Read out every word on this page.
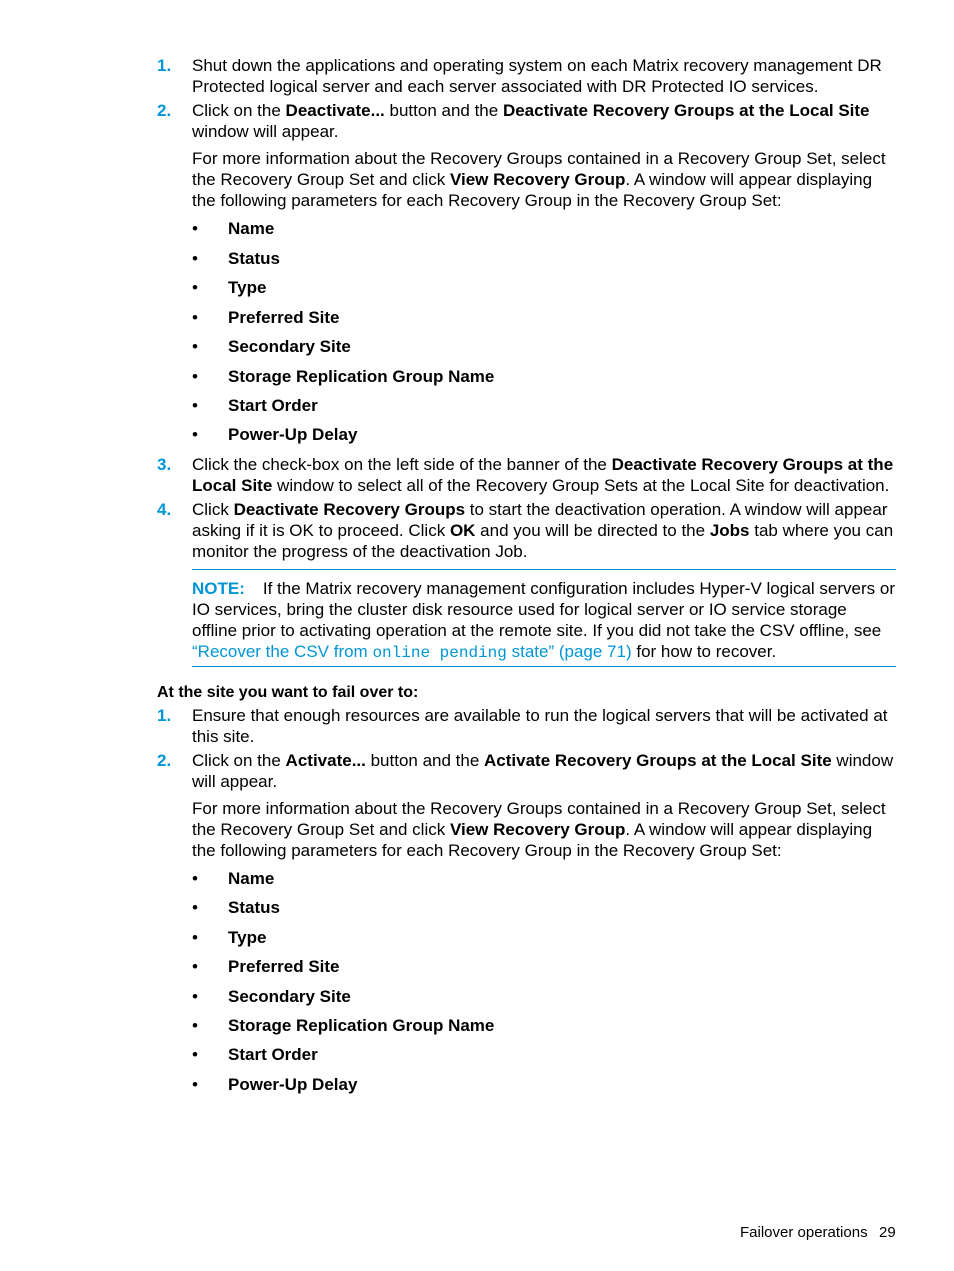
1. Shut down the applications and operating system on each Matrix recovery management DR Protected logical server and each server associated with DR Protected IO services.
2. Click on the Deactivate... button and the Deactivate Recovery Groups at the Local Site window will appear.
For more information about the Recovery Groups contained in a Recovery Group Set, select the Recovery Group Set and click View Recovery Group. A window will appear displaying the following parameters for each Recovery Group in the Recovery Group Set:
• Name
• Status
• Type
• Preferred Site
• Secondary Site
• Storage Replication Group Name
• Start Order
• Power-Up Delay
3. Click the check-box on the left side of the banner of the Deactivate Recovery Groups at the Local Site window to select all of the Recovery Group Sets at the Local Site for deactivation.
4. Click Deactivate Recovery Groups to start the deactivation operation. A window will appear asking if it is OK to proceed. Click OK and you will be directed to the Jobs tab where you can monitor the progress of the deactivation Job.
NOTE: If the Matrix recovery management configuration includes Hyper-V logical servers or IO services, bring the cluster disk resource used for logical server or IO service storage offline prior to activating operation at the remote site. If you did not take the CSV offline, see “Recover the CSV from online pending state” (page 71) for how to recover.
At the site you want to fail over to:
1. Ensure that enough resources are available to run the logical servers that will be activated at this site.
2. Click on the Activate... button and the Activate Recovery Groups at the Local Site window will appear.
For more information about the Recovery Groups contained in a Recovery Group Set, select the Recovery Group Set and click View Recovery Group. A window will appear displaying the following parameters for each Recovery Group in the Recovery Group Set:
• Name
• Status
• Type
• Preferred Site
• Secondary Site
• Storage Replication Group Name
• Start Order
• Power-Up Delay
Failover operations 29
